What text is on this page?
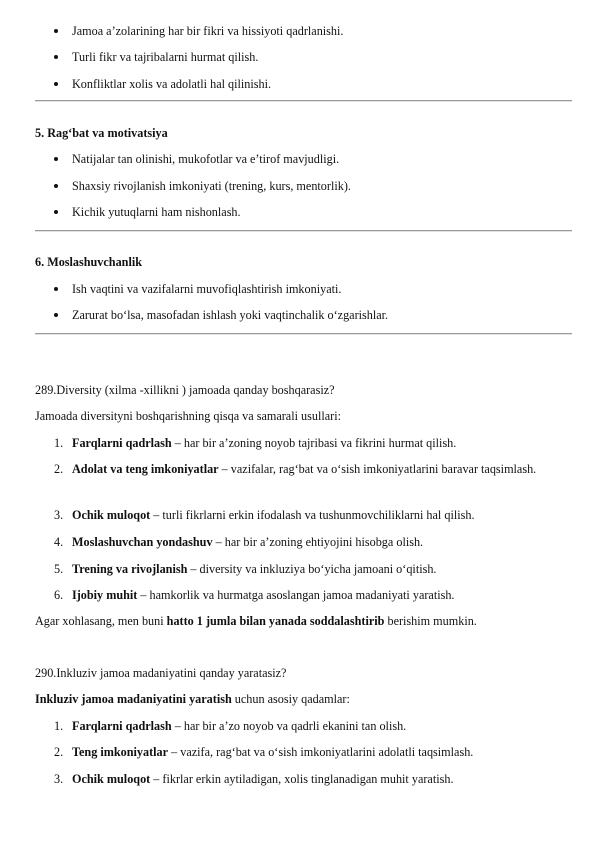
Jamoa a’zolarining har bir fikri va hissiyoti qadrlanishi.
Turli fikr va tajribalarni hurmat qilish.
Konfliktlar xolis va adolatli hal qilinishi.
5. Rag‘bat va motivatsiya
Natijalar tan olinishi, mukofotlar va e’tirof mavjudligi.
Shaxsiy rivojlanish imkoniyati (trening, kurs, mentorlik).
Kichik yutuqlarni ham nishonlash.
6. Moslashuvchanlik
Ish vaqtini va vazifalarni muvofiqlashtirish imkoniyati.
Zarurat bo‘lsa, masofadan ishlash yoki vaqtinchalik o‘zgarishlar.
289.Diversity (xilma -xillikni ) jamoada qanday boshqarasiz?
Jamoada diversityni boshqarishning qisqa va samarali usullari:
1. Farqlarni qadrlash – har bir a’zoning noyob tajribasi va fikrini hurmat qilish.
2. Adolat va teng imkoniyatlar – vazifalar, rag‘bat va o‘sish imkoniyatlarini baravar taqsimlash.
3. Ochik muloqot – turli fikrlarni erkin ifodalash va tushunmovchiliklarni hal qilish.
4. Moslashuvchan yondashuv – har bir a’zoning ehtiyojini hisobga olish.
5. Trening va rivojlanish – diversity va inkluziya bo‘yicha jamoani o‘qitish.
6. Ijobiy muhit – hamkorlik va hurmatga asoslangan jamoa madaniyati yaratish.
Agar xohlasang, men buni hatto 1 jumla bilan yanada soddalashtirib berishim mumkin.
290.Inkluziv jamoa madaniyatini qanday yaratasiz?
Inkluziv jamoa madaniyatini yaratish uchun asosiy qadamlar:
1. Farqlarni qadrlash – har bir a’zo noyob va qadrli ekanini tan olish.
2. Teng imkoniyatlar – vazifa, rag‘bat va o‘sish imkoniyatlarini adolatli taqsimlash.
3. Ochik muloqot – fikrlar erkin aytiladigan, xolis tinglanadigan muhit yaratish.
